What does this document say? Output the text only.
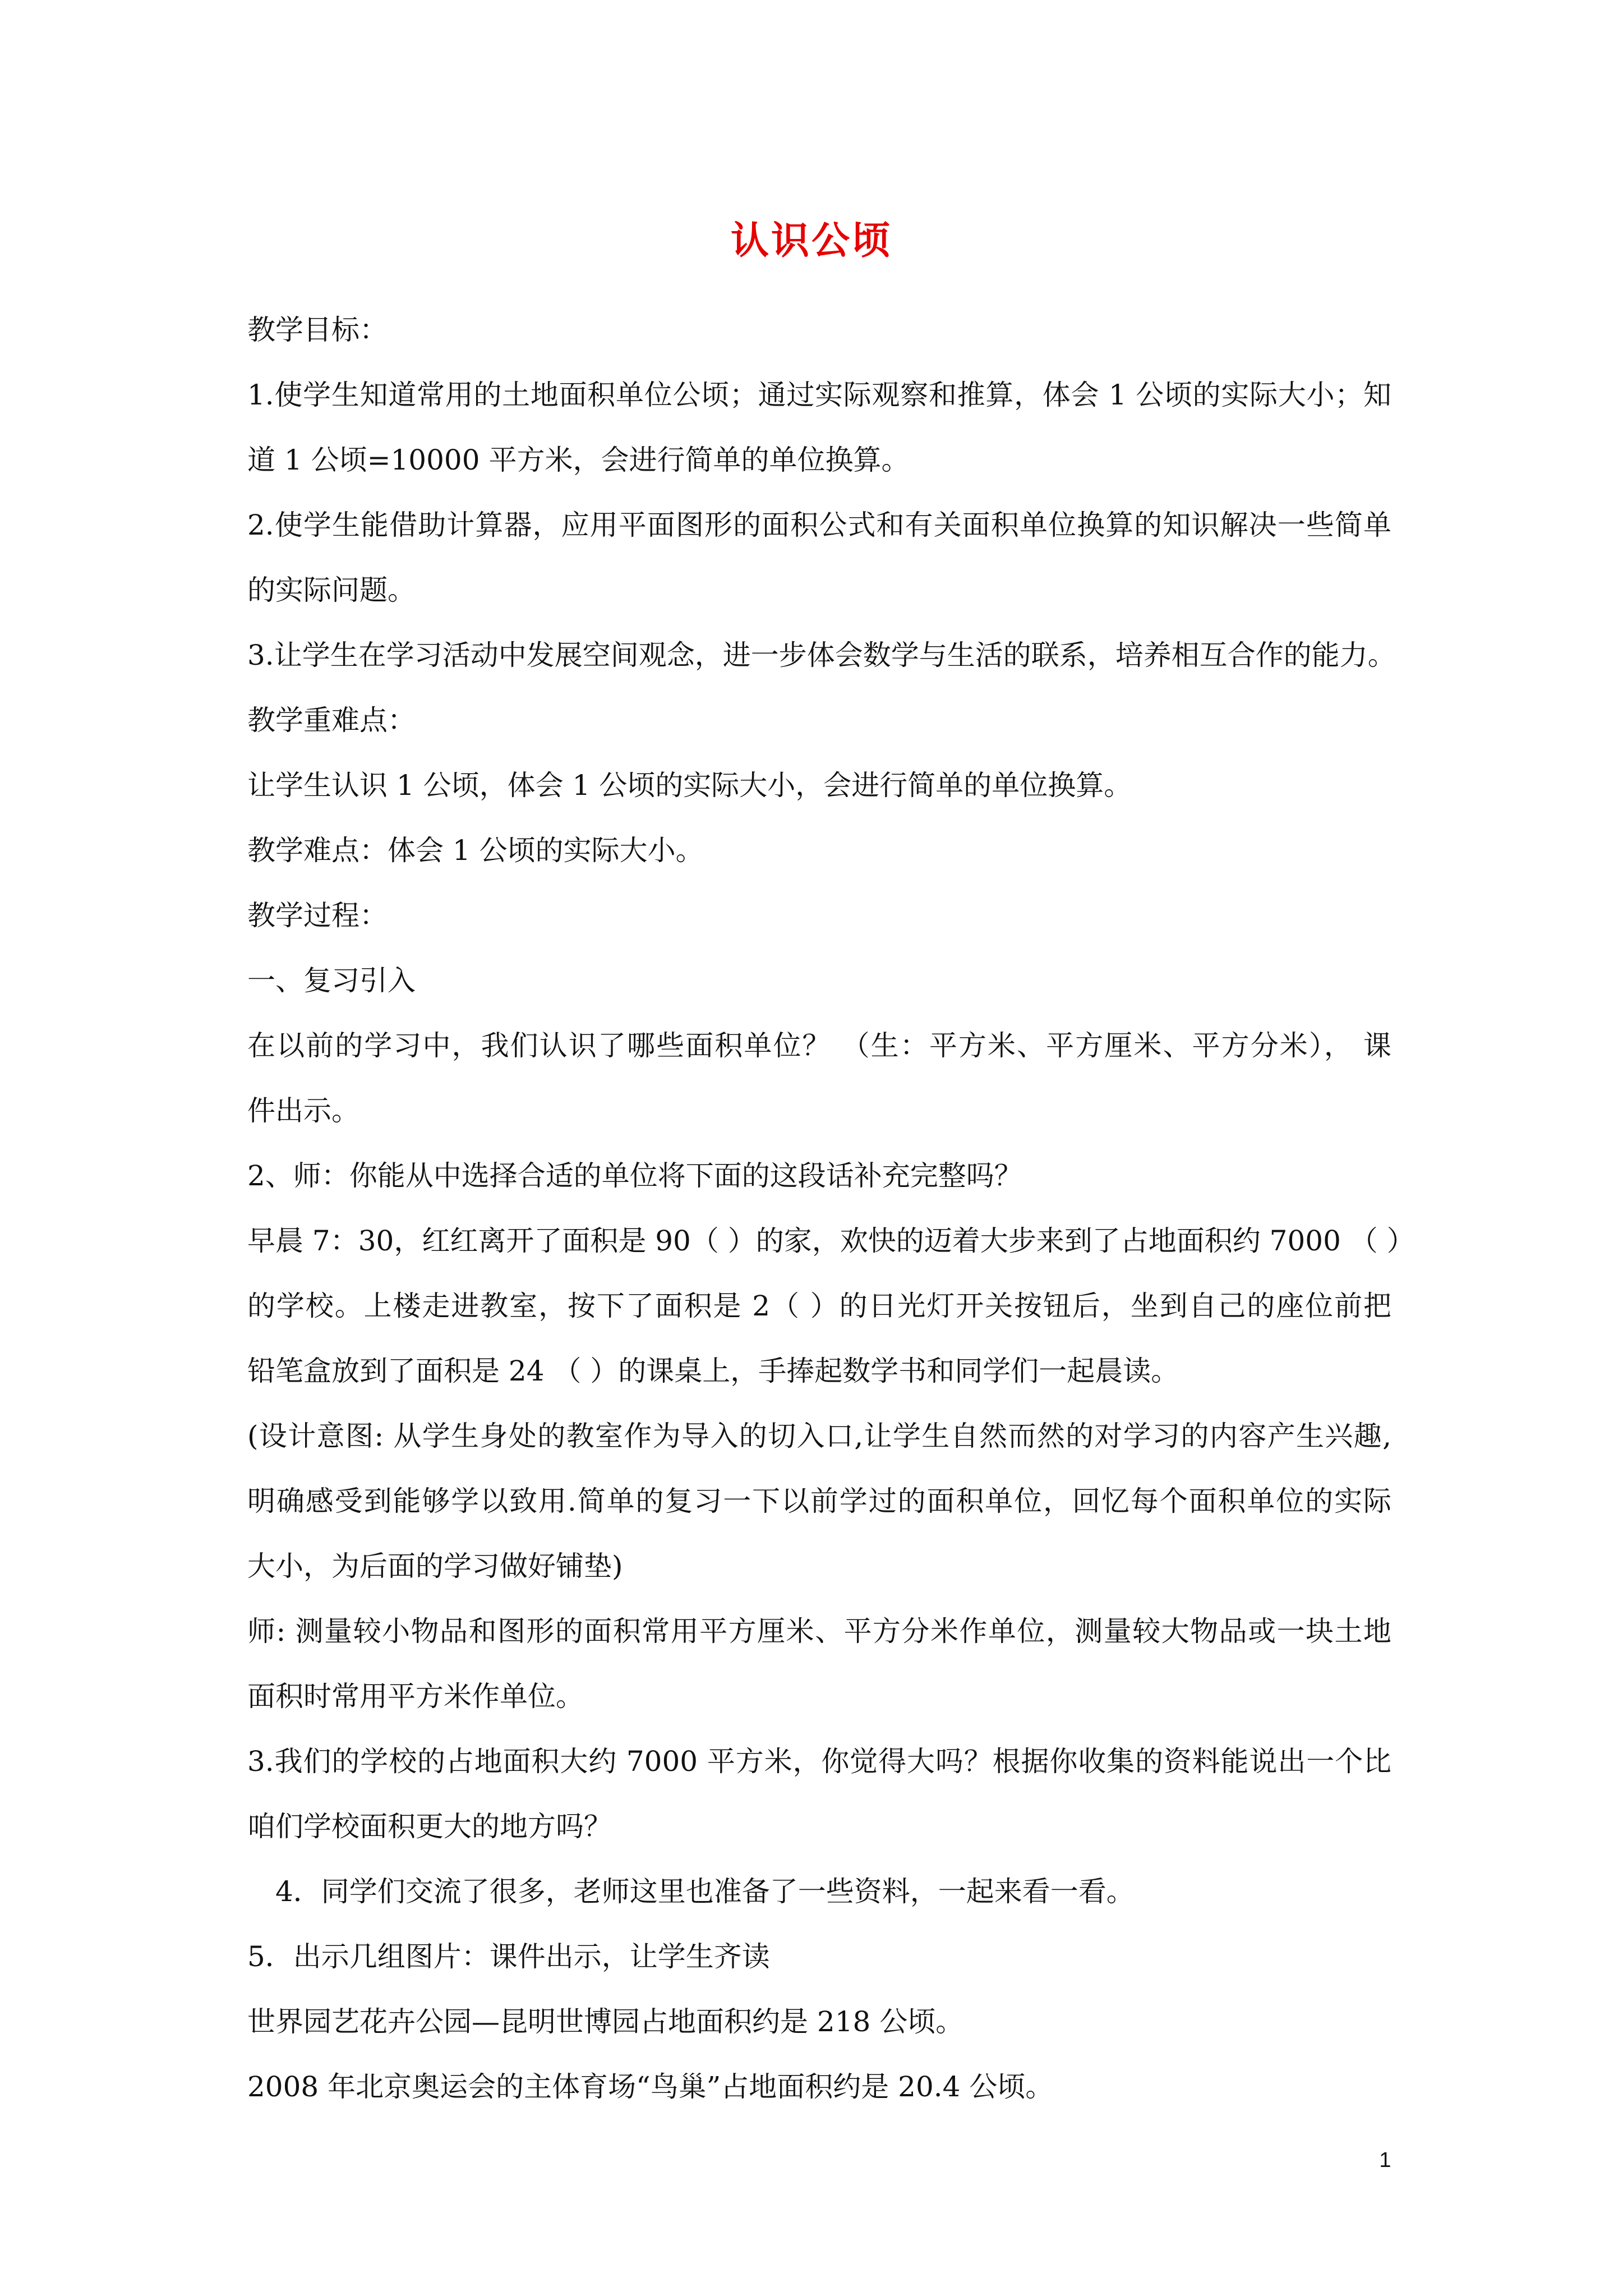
认识公顷
教学目标：
1.使学生知道常用的土地面积单位公顷；通过实际观察和推算，体会 1 公顷的实际大小；知
道 1 公顷=10000 平方米，会进行简单的单位换算。
2.使学生能借助计算器，应用平面图形的面积公式和有关面积单位换算的知识解决一些简单
的实际问题。
3.让学生在学习活动中发展空间观念，进一步体会数学与生活的联系，培养相互合作的能力。
教学重难点：
让学生认识 1 公顷，体会 1 公顷的实际大小，会进行简单的单位换算。
教学难点：体会 1 公顷的实际大小。
教学过程：
一、复习引入
在以前的学习中，我们认识了哪些面积单位？ （生：平方米、平方厘米、平方分米）， 课
件出示。
2、师：你能从中选择合适的单位将下面的这段话补充完整吗？
早晨 7：30，红红离开了面积是 90（ ）的家，欢快的迈着大步来到了占地面积约 7000 （ ）
的学校。上楼走进教室，按下了面积是 2（ ）的日光灯开关按钮后，坐到自己的座位前把
铅笔盒放到了面积是 24 （ ）的课桌上，手捧起数学书和同学们一起晨读。
(设计意图: 从学生身处的教室作为导入的切入口,让学生自然而然的对学习的内容产生兴趣,
明确感受到能够学以致用.简单的复习一下以前学过的面积单位，回忆每个面积单位的实际
大小，为后面的学习做好铺垫)
师: 测量较小物品和图形的面积常用平方厘米、平方分米作单位，测量较大物品或一块土地
面积时常用平方米作单位。
3.我们的学校的占地面积大约 7000 平方米，你觉得大吗？根据你收集的资料能说出一个比
咱们学校面积更大的地方吗？
4．同学们交流了很多，老师这里也准备了一些资料，一起来看一看。
5．出示几组图片：课件出示，让学生齐读
世界园艺花卉公园—昆明世博园占地面积约是 218 公顷。
2008 年北京奥运会的主体育场“鸟巢”占地面积约是 20.4 公顷。
1
